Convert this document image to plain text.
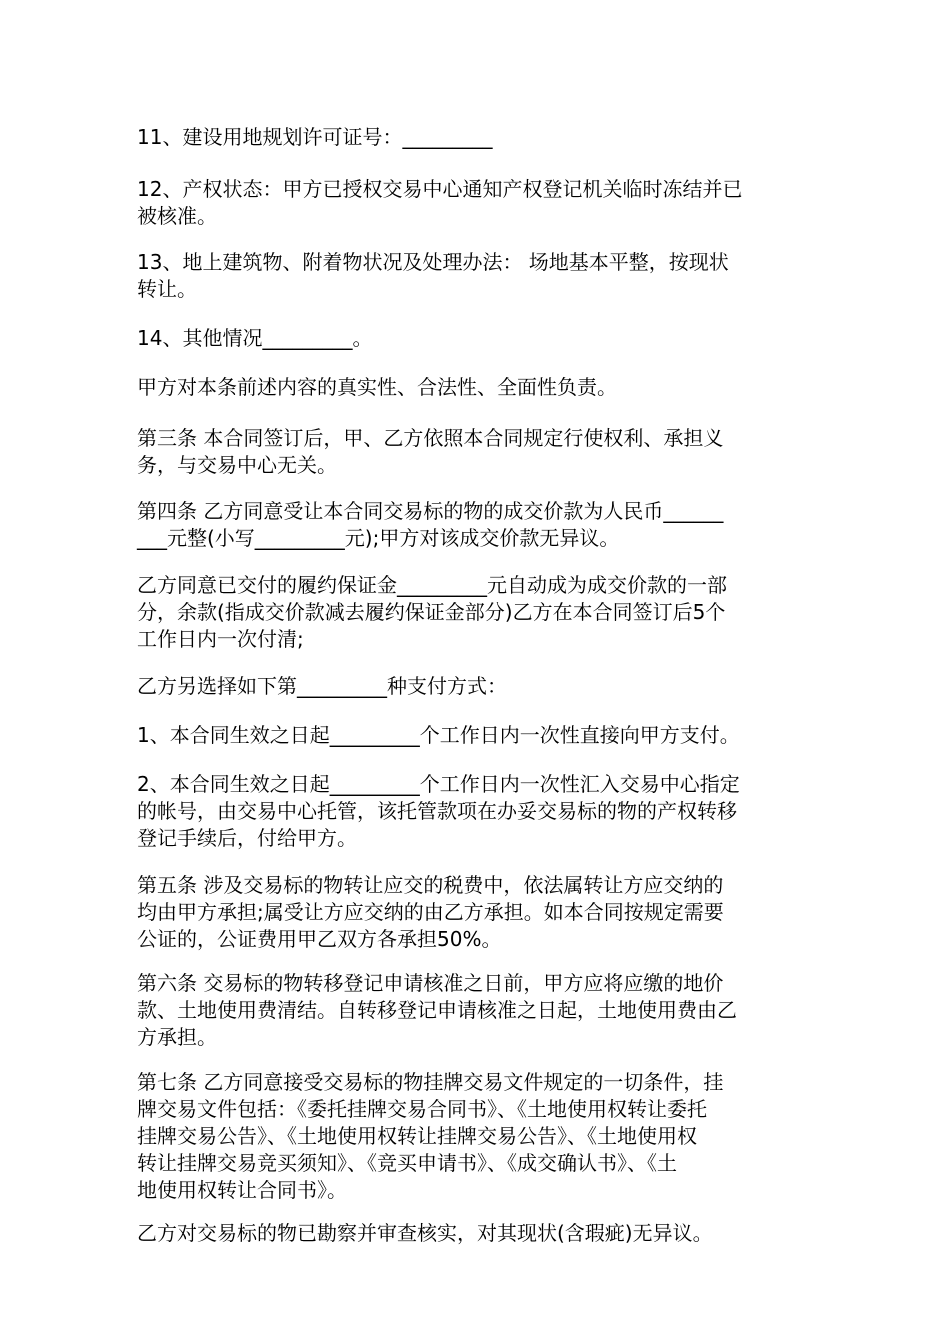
11、建设用地规划许可证号：_________
12、产权状态：甲方已授权交易中心通知产权登记机关临时冻结并已
被核准。
13、地上建筑物、附着物状况及处理办法： 场地基本平整，按现状
转让。
14、其他情况_________。
甲方对本条前述内容的真实性、合法性、全面性负责。
第三条 本合同签订后，甲、乙方依照本合同规定行使权利、承担义
务，与交易中心无关。
第四条 乙方同意受让本合同交易标的物的成交价款为人民币______
___元整(小写_________元);甲方对该成交价款无异议。
乙方同意已交付的履约保证金_________元自动成为成交价款的一部
分，余款(指成交价款减去履约保证金部分)乙方在本合同签订后5个
工作日内一次付清;
乙方另选择如下第_________种支付方式：
1、本合同生效之日起_________个工作日内一次性直接向甲方支付。
2、本合同生效之日起_________个工作日内一次性汇入交易中心指定
的帐号，由交易中心托管，该托管款项在办妥交易标的物的产权转移
登记手续后，付给甲方。
第五条 涉及交易标的物转让应交的税费中，依法属转让方应交纳的
均由甲方承担;属受让方应交纳的由乙方承担。如本合同按规定需要
公证的，公证费用甲乙双方各承担50%。
第六条 交易标的物转移登记申请核准之日前，甲方应将应缴的地价
款、土地使用费清结。自转移登记申请核准之日起，土地使用费由乙
方承担。
第七条 乙方同意接受交易标的物挂牌交易文件规定的一切条件，挂
牌交易文件包括：《委托挂牌交易合同书》、《土地使用权转让委托
挂牌交易公告》、《土地使用权转让挂牌交易公告》、《土地使用权
转让挂牌交易竞买须知》、《竞买申请书》、《成交确认书》、《土
地使用权转让合同书》。
乙方对交易标的物已勘察并审查核实，对其现状(含瑕疵)无异议。
